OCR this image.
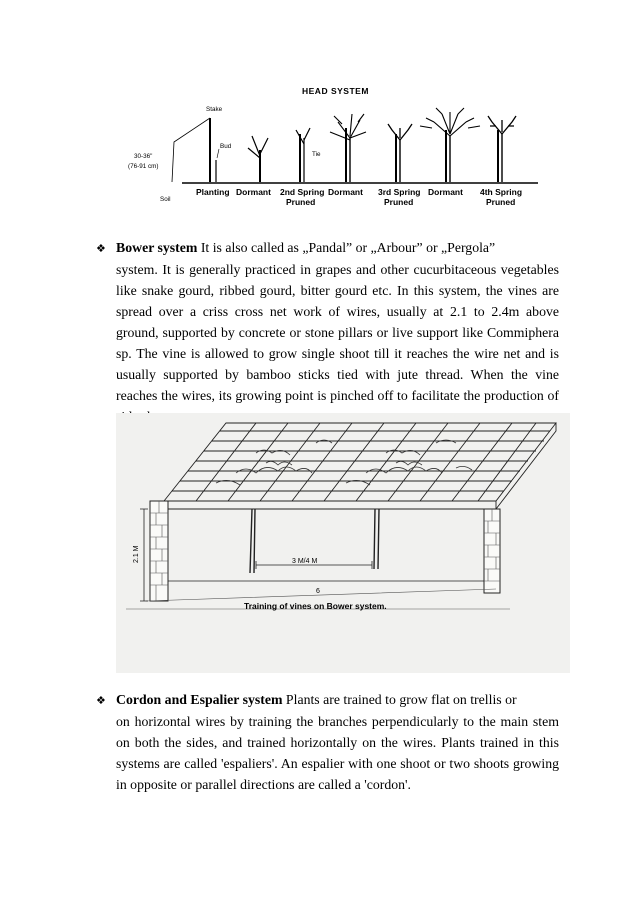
HEAD SYSTEM
Soil
30-36"
(76-91 cm)
Stake
Bud
Tie
Planting Dormant 2nd Spring
Pruned
Dormant 3rd Spring
Pruned
Dormant 4th Spring
Pruned
❖ Bower system It is also called as „Pandal” or „Arbour” or „Pergola”
system. It is generally practiced in grapes and other cucurbitaceous vegetables like snake gourd, ribbed gourd, bitter gourd etc. In this system, the vines are spread over a criss cross net work of wires, usually at 2.1 to 2.4m above ground, supported by concrete or stone pillars or live support like Commiphera sp. The vine is allowed to grow single shoot till it reaches the wire net and is usually supported by bamboo sticks tied with jute thread. When the vine reaches the wires, its growing point is pinched off to facilitate the production of
3 M/4 M
6
2.1 M
Training of vines on Bower system.
❖ Cordon and Espalier system Plants are trained to grow flat on trellis or
on horizontal wires by training the branches perpendicularly to the main stem on both the sides, and trained horizontally on the wires. Plants trained in this systems are called 'espaliers'. An espalier with one shoot or two shoots growing in opposite or parallel directions are called a 'cordon'.
